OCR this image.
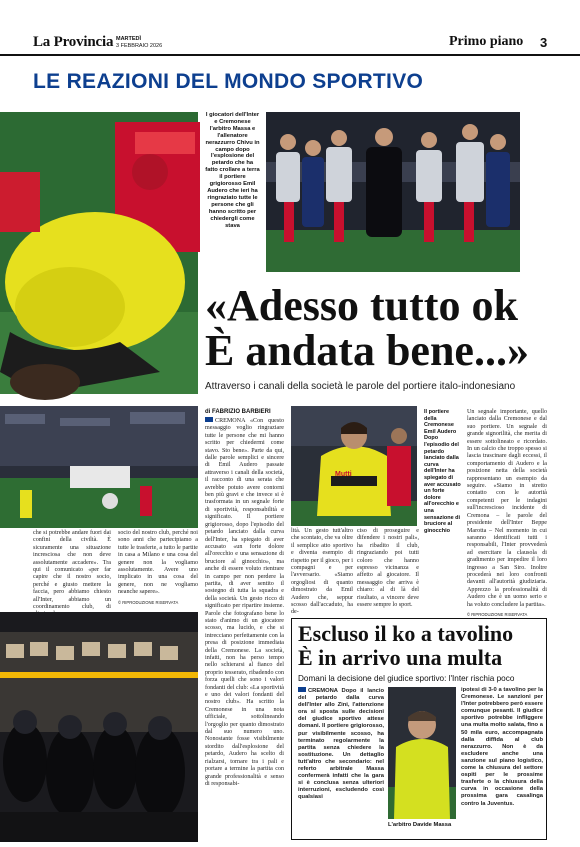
La Provincia MARTEDÌ
3 FEBBRAIO 2026	Primo piano 3
LE REAZIONI DEL MONDO SPORTIVO
I giocatori dell'Inter e Cremonese l'arbitro Massa e l'allenatore nerazzurro Chivu in campo dopo l'esplosione del petardo che ha fatto crollare a terra il portiere grigiorosso Emil Audero che ieri ha ringraziato tutte le persone che gli hanno scritto per chiedergli come stava
«Adesso tutto ok
È andata bene...»
Attraverso i canali della società le parole del portiere italo-indonesiano
di FABRIZIO BARBIERI
CREMONA «Con questo messaggio voglio ringraziare tutte le persone che mi hanno scritto per chiedermi come stavo. Sto bene». Parte da qui, dalle parole semplici e sincere di Emil Audero passate attraverso i canali della società, il racconto di una serata che avrebbe potuto avere contorni ben più gravi e che invece si è trasformata in un segnale forte di sportività, responsabilità e significato. Il portiere grigiorosso, dopo l'episodio del petardo lanciato dalla curva dell'Inter, ha spiegato di aver accusato «un forte dolore all'orecchio e una sensazione di bruciore al ginocchio», ma anche di essere voluto rientrare in campo per non perdere la partita, di aver sentito il sostegno di tutta la squadra e della società. Un gesto ricco di significato per ripartire insieme. Parole che fotografano bene lo stato d'animo di un giocatore scosso, ma lucido, e che si intrecciano perfettamente con la presa di posizione immediata della Cremonese. La società, infatti, non ha perso tempo nello schierarsi al fianco del proprio tesserato, ribadendo con forza quelli che sono i valori fondanti del club: «La sportività e uno dei valori fondanti del nostro club». Ha scritto la Cremonese in una nota ufficiale, sottolineando l'orgoglio per quanto dimostrato dal suo numero uno. Nonostante fosse visibilmente stordito dall'esplosione del petardo, Audero ha scelto di rialzarsi, tornare tra i pali e portare a termine la partita con grande professionalità e senso di responsabi-
che si potrebbe andare fuori dai confini della civiltà. È sicuramente una situazione incresciosa che non deve assolutamente accadere». Tra qui il comunicato «per far capire che il nostro socio, perché e giusto mettere la faccia, pero abbiamo chiesto all'Inter, abbiamo un coordinamento club, di
socio del nostro club, perché noi sono anni che partecipiamo a tutte le trasferte, a tutto le partite in casa a Milano e una cosa del genere non la vogliamo assolutamente. Avere uno implicato in una cosa del genere, non ne vogliamo neanche sapere».
© RIPRODUZIONE RISERVATA
Mutti
Il portiere della Cremonese Emil Audero Dopo l'episodio del petardo lanciato dalla curva dell'Inter ha spiegato di aver accusato un forte dolore all'orecchio e una sensazione di bruciore al ginocchio
lità. Un gesto tutt'altro che scontato, che va oltre il semplice atto sportivo e diventa esempio di rispetto per il gioco, per i compagni e per l'avversario. «Siamo orgogliosi di quanto dimostrato da Emil Audero che, seppur scosso dall'accaduto, ha de-
ciso di proseguire e difendere i nostri pali», ha ribadito il club, ringraziando poi tutti coloro che hanno espresso vicinanza e affetto al giocatore. Il messaggio che arriva è chiaro: al di là del risultato, a vincere deve essere sempre lo sport.
Un segnale importante, quello lanciato dalla Cremonese e dal suo portiere. Un segnale di grande signorilità, che merita di essere sottolineato e ricordato. In un calcio che troppo spesso si lascia trascinare dagli eccessi, il comportamento di Audero e la posizione netta della società rappresentano un esempio da seguire. «Siamo in stretto contatto con le autorità competenti per le indagini sull'increscioso incidente di Cremona – le parole del presidente dell'Inter Beppe Marotta – Nel momento in cui saranno identificati tutti i responsabili, l'Inter provvederà ad esercitare la clausola di gradimento per impedire il loro ingresso a San Siro. Inoltre procederà nei loro confronti davanti all'autorità giudiziaria. Apprezzo la professionalità di Audero che è un uomo serio e ha voluto concludere la partita».
© RIPRODUZIONE RISERVATA
Escluso il ko a tavolino
È in arrivo una multa
Domani la decisione del giudice sportivo: l'Inter rischia poco
CREMONA Dopo il lancio del petardo dalla curva dell'Inter allo Zini, l'attenzione ora si sposta sulle decisioni del giudice sportivo attese domani. Il portiere grigiorosso, pur visibilmente scosso, ha terminato regolarmente la partita senza chiedere la sostituzione. Un dettaglio tutt'altro che secondario: nel referto arbitrale Massa confermerà infatti che la gara si è conclusa senza ulteriori interruzioni, escludendo così qualsiasi
L'arbitro Davide Massa
ipotesi di 3-0 a tavolino per la Cremonese. Le sanzioni per l'Inter potrebbero però essere comunque pesanti. Il giudice sportivo potrebbe infliggere una multa molto salata, fino a 50 mila euro, accompagnata dalla diffida al club nerazzurro. Non è da escludere anche una sanzione sul piano logistico, come la chiusura del settore ospiti per le prossime trasferte o la chiusura della curva in occasione della prossima gara casalinga contro la Juventus.
